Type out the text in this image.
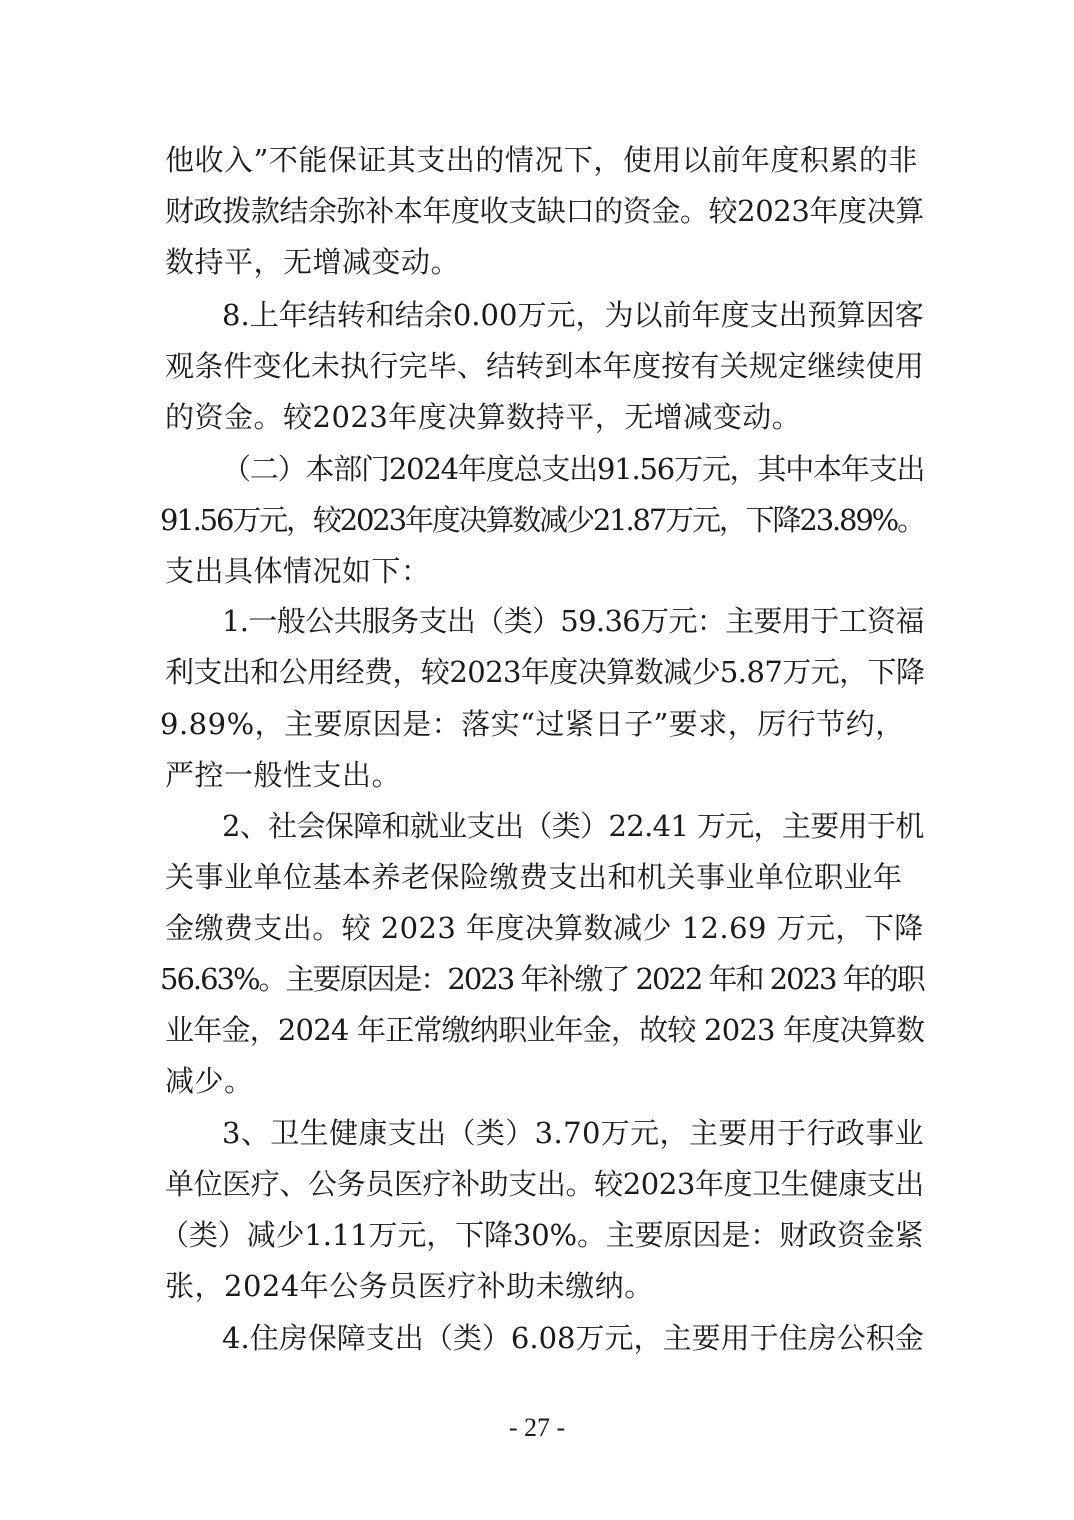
他收入”不能保证其支出的情况下，使用以前年度积累的非
财政拨款结余弥补本年度收支缺口的资金。较2023年度决算
数持平，无增减变动。
8.上年结转和结余0.00万元，为以前年度支出预算因客
观条件变化未执行完毕、结转到本年度按有关规定继续使用
的资金。较2023年度决算数持平，无增减变动。
（二）本部门2024年度总支出91.56万元，其中本年支出
91.56万元，较2023年度决算数减少21.87万元，下降23.89%。
支出具体情况如下：
1.一般公共服务支出（类）59.36万元：主要用于工资福
利支出和公用经费，较2023年度决算数减少5.87万元，下降
9.89%，主要原因是：落实“过紧日子”要求，厉行节约，
严控一般性支出。
2、社会保障和就业支出（类）22.41 万元，主要用于机
关事业单位基本养老保险缴费支出和机关事业单位职业年
金缴费支出。较 2023 年度决算数减少 12.69 万元，下降
56.63%。主要原因是：2023 年补缴了 2022 年和 2023 年的职
业年金，2024 年正常缴纳职业年金，故较 2023 年度决算数
减少。
3、卫生健康支出（类）3.70万元，主要用于行政事业
单位医疗、公务员医疗补助支出。较2023年度卫生健康支出
（类）减少1.11万元，下降30%。主要原因是：财政资金紧
张，2024年公务员医疗补助未缴纳。
4.住房保障支出（类）6.08万元，主要用于住房公积金
- 27 -
